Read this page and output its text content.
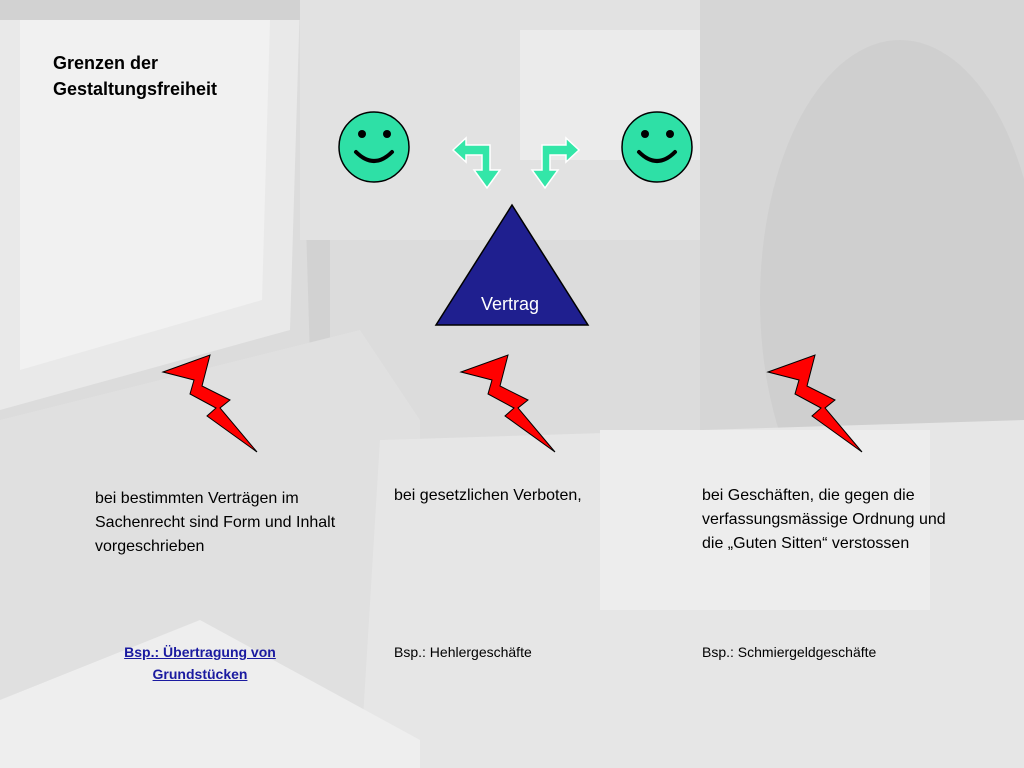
Grenzen der
Gestaltungsfreiheit
Vertrag
bei bestimmten Verträgen im Sachenrecht sind Form und Inhalt vorgeschrieben
bei gesetzlichen Verboten,	bei Geschäften, die gegen die verfassungsmässige Ordnung und die „Guten Sitten“ verstossen
Bsp.: Übertragung von Grundstücken
Bsp.: Hehlergeschäfte	Bsp.: Schmiergeldgeschäfte
